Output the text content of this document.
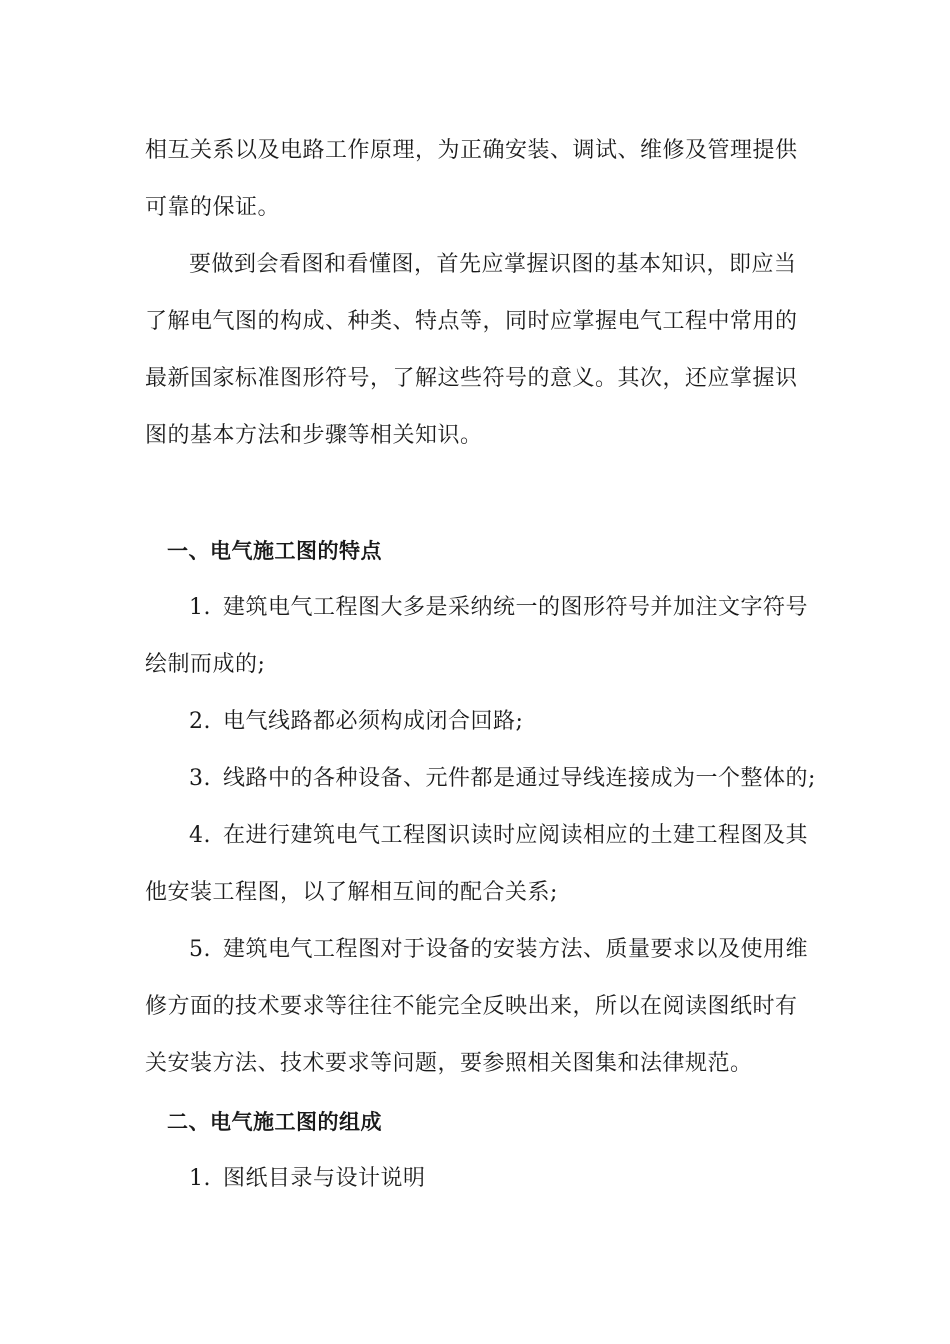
相互关系以及电路工作原理，为正确安装、调试、维修及管理提供
可靠的保证。
要做到会看图和看懂图，首先应掌握识图的基本知识，即应当
了解电气图的构成、种类、特点等，同时应掌握电气工程中常用的
最新国家标准图形符号，了解这些符号的意义。其次，还应掌握识
图的基本方法和步骤等相关知识。
一、电气施工图的特点
1. 建筑电气工程图大多是采纳统一的图形符号并加注文字符号
绘制而成的;
2. 电气线路都必须构成闭合回路;
3. 线路中的各种设备、元件都是通过导线连接成为一个整体的;
4. 在进行建筑电气工程图识读时应阅读相应的土建工程图及其
他安装工程图，以了解相互间的配合关系;
5. 建筑电气工程图对于设备的安装方法、质量要求以及使用维
修方面的技术要求等往往不能完全反映出来，所以在阅读图纸时有
关安装方法、技术要求等问题，要参照相关图集和法律规范。
二、电气施工图的组成
1. 图纸目录与设计说明
